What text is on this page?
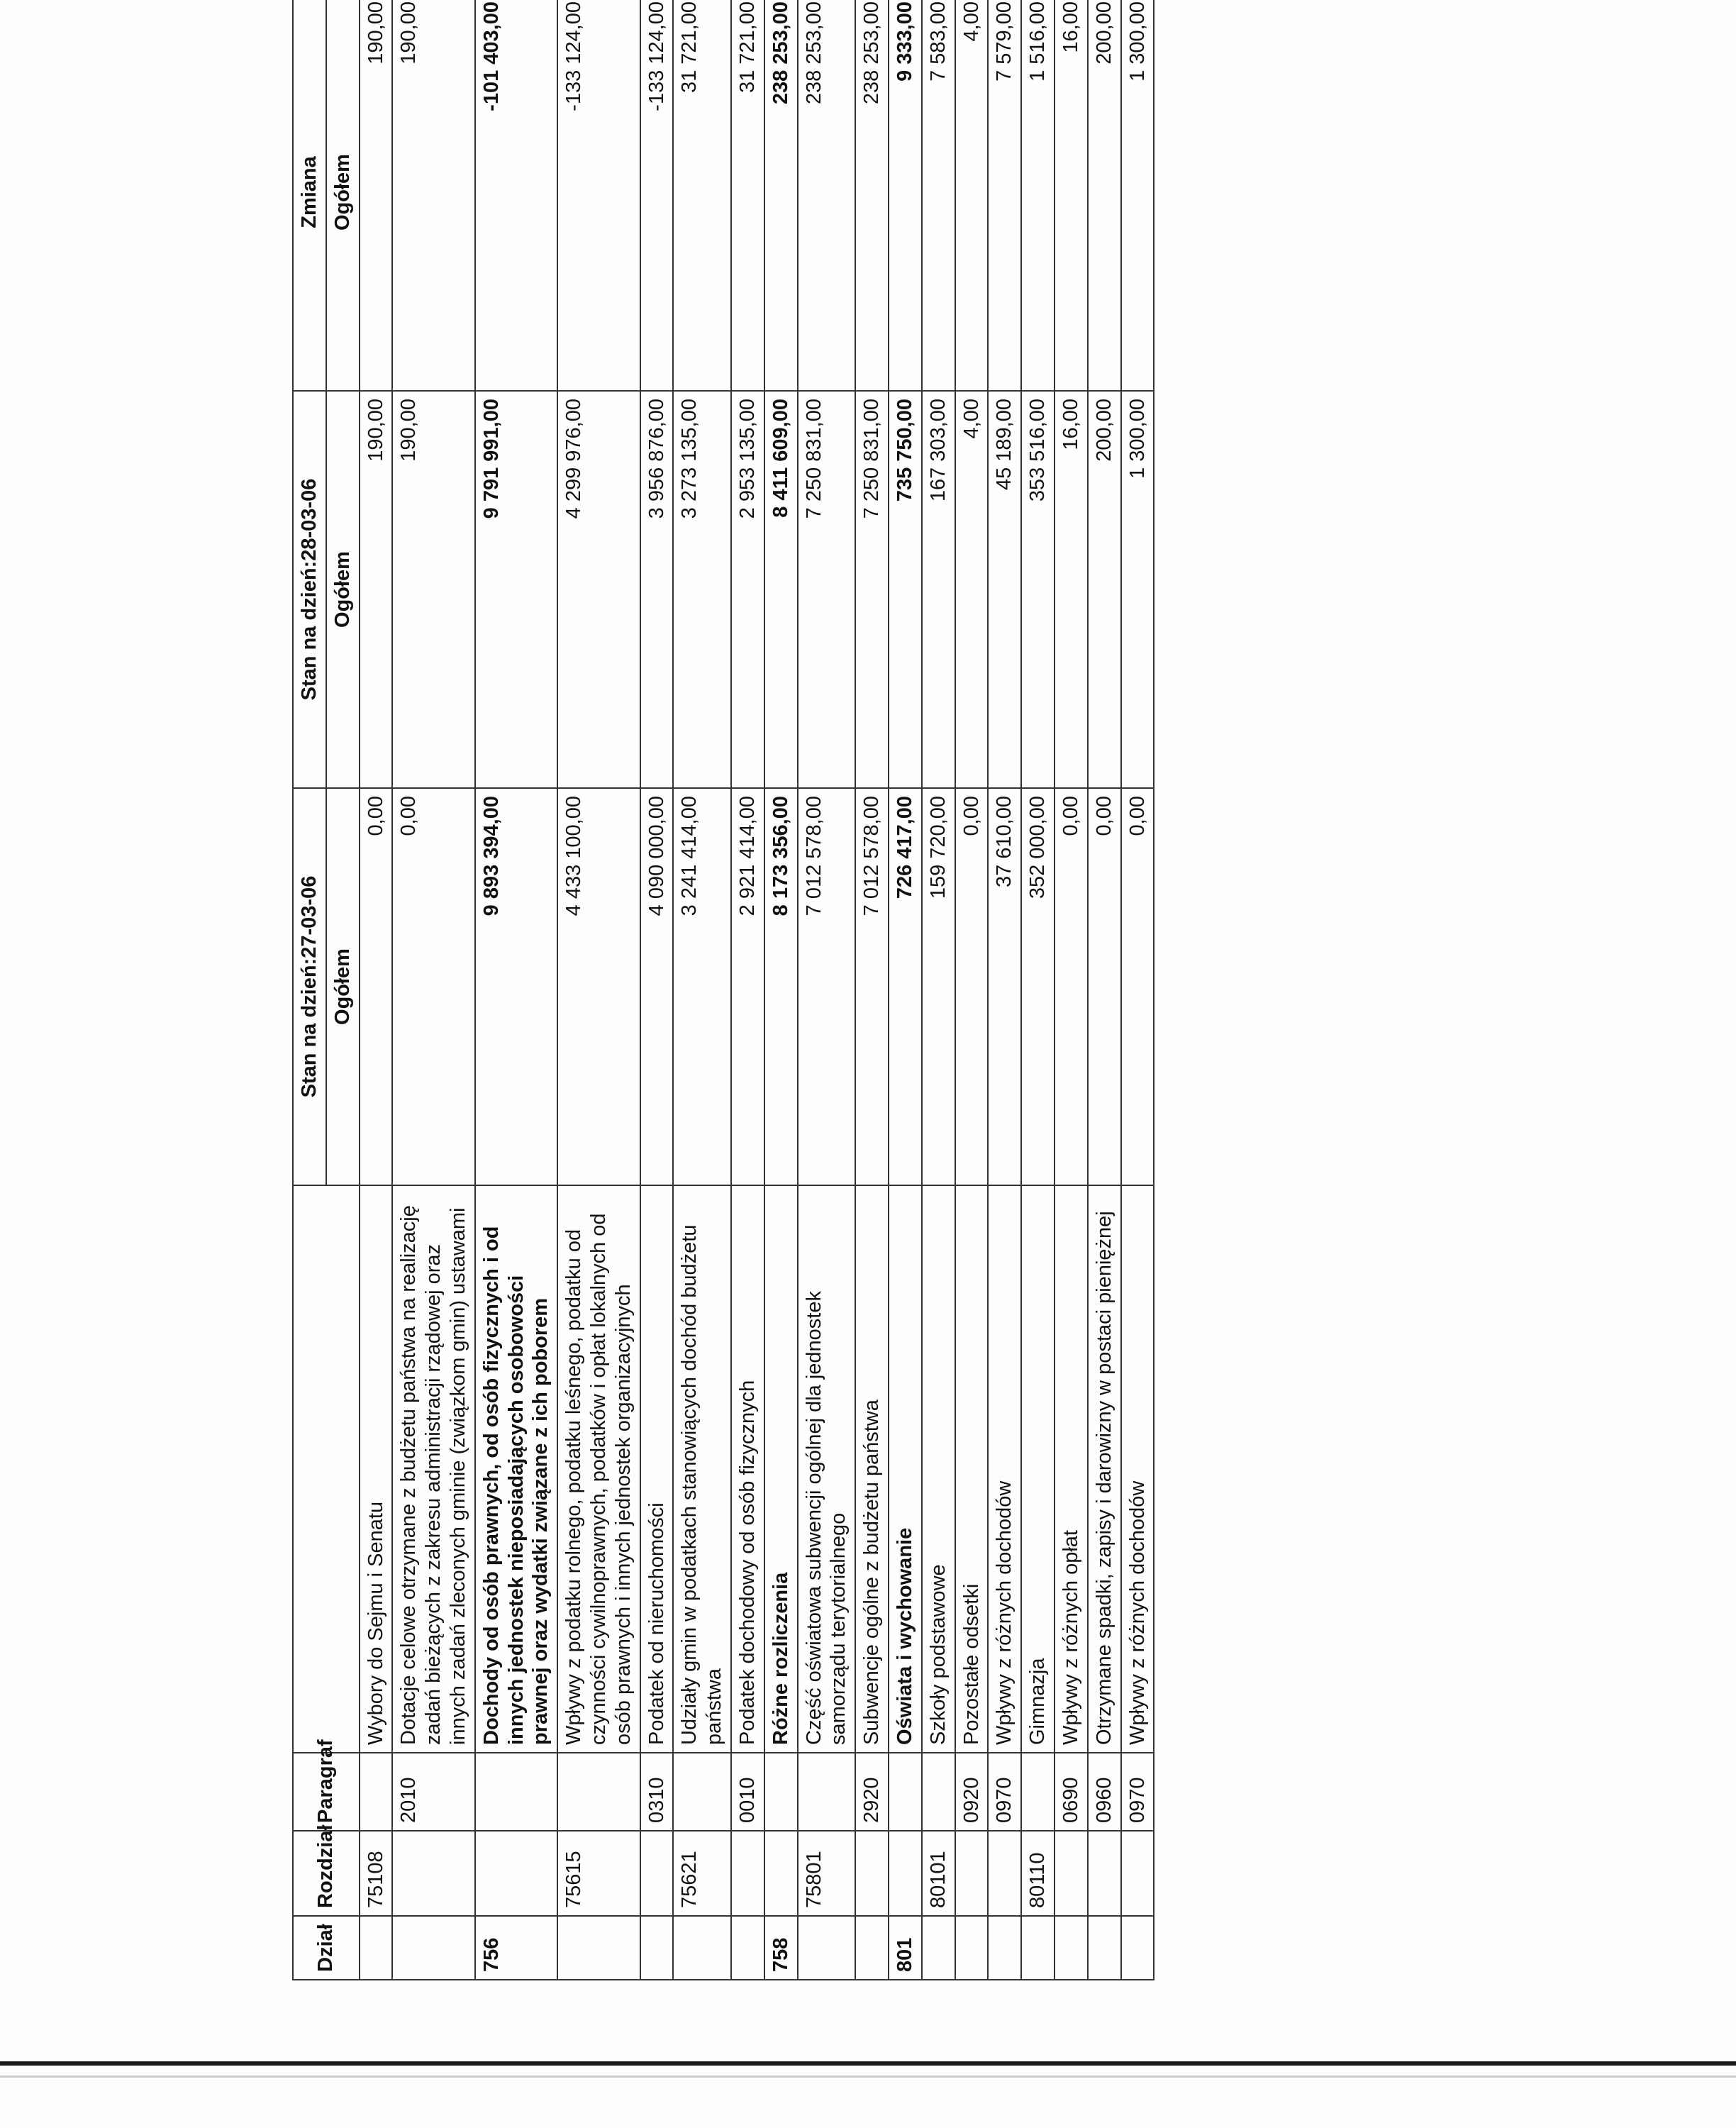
Dział	Rozdział	Paragraf		Stan na dzień:27-03-06	Stan na dzień:28-03-06	Zmiana
				Ogółem	Ogółem	Ogółem
	75108		Wybory do Sejmu i Senatu	0,00	190,00	190,00
		2010	Dotacje celowe otrzymane z budżetu państwa na realizację zadań bieżących z zakresu administracji rządowej oraz innych zadań zleconych gminie (związkom gmin) ustawami	0,00	190,00	190,00
756			Dochody od osób prawnych, od osób fizycznych i od innych jednostek nieposiadających osobowości prawnej oraz wydatki związane z ich poborem	9 893 394,00	9 791 991,00	-101 403,00
	75615		Wpływy z podatku rolnego, podatku leśnego, podatku od czynności cywilnoprawnych, podatków i opłat lokalnych od osób prawnych i innych jednostek organizacyjnych	4 433 100,00	4 299 976,00	-133 124,00
		0310	Podatek od nieruchomości	4 090 000,00	3 956 876,00	-133 124,00
	75621		Udziały gmin w podatkach stanowiących dochód budżetu państwa	3 241 414,00	3 273 135,00	31 721,00
		0010	Podatek dochodowy od osób fizycznych	2 921 414,00	2 953 135,00	31 721,00
758			Różne rozliczenia	8 173 356,00	8 411 609,00	238 253,00
	75801		Część oświatowa subwencji ogólnej dla jednostek samorządu terytorialnego	7 012 578,00	7 250 831,00	238 253,00
		2920	Subwencje ogólne z budżetu państwa	7 012 578,00	7 250 831,00	238 253,00
801			Oświata i wychowanie	726 417,00	735 750,00	9 333,00
	80101		Szkoły podstawowe	159 720,00	167 303,00	7 583,00
		0920	Pozostałe odsetki	0,00	4,00	4,00
		0970	Wpływy z różnych dochodów	37 610,00	45 189,00	7 579,00
	80110		Gimnazja	352 000,00	353 516,00	1 516,00
		0690	Wpływy z różnych opłat	0,00	16,00	16,00
		0960	Otrzymane spadki, zapisy i darowizny w postaci pieniężnej	0,00	200,00	200,00
		0970	Wpływy z różnych dochodów	0,00	1 300,00	1 300,00
